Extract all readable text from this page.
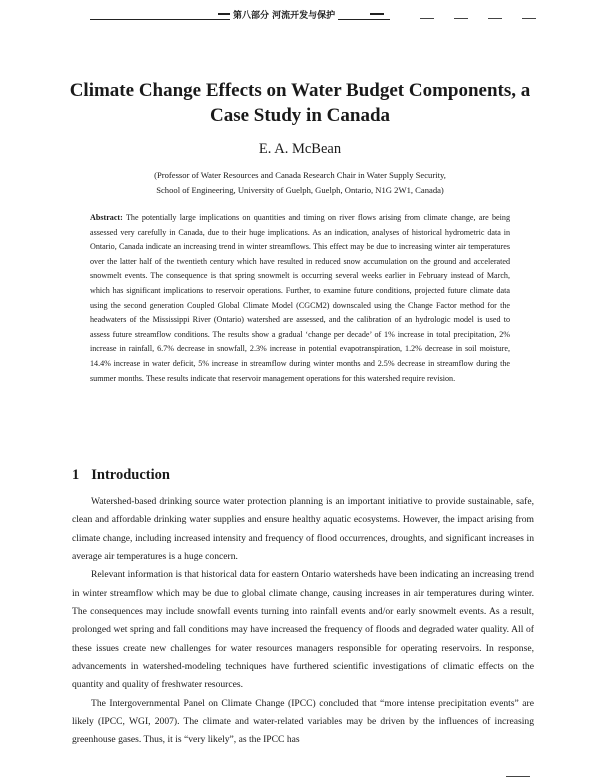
第八部分 河流开发与保护
Climate Change Effects on Water Budget Components, a Case Study in Canada
E. A. McBean
(Professor of Water Resources and Canada Research Chair in Water Supply Security,
School of Engineering, University of Guelph, Guelph, Ontario, N1G 2W1, Canada)
Abstract: The potentially large implications on quantities and timing on river flows arising from climate change, are being assessed very carefully in Canada, due to their huge implications. As an indication, analyses of historical hydrometric data in Ontario, Canada indicate an increasing trend in winter streamflows. This effect may be due to increasing winter air temperatures over the latter half of the twentieth century which have resulted in reduced snow accumulation on the ground and accelerated snowmelt events. The consequence is that spring snowmelt is occurring several weeks earlier in February instead of March, which has significant implications to reservoir operations. Further, to examine future conditions, projected future climate data using the second generation Coupled Global Climate Model (CGCM2) downscaled using the Change Factor method for the headwaters of the Mississippi River (Ontario) watershed are assessed, and the calibration of an hydrologic model is used to assess future streamflow conditions. The results show a gradual ‘change per decade’ of 1% increase in total precipitation, 2% increase in rainfall, 6.7% decrease in snowfall, 2.3% increase in potential evapotranspiration, 1.2% decrease in soil moisture, 14.4% increase in water deficit, 5% increase in streamflow during winter months and 2.5% decrease in streamflow during the summer months. These results indicate that reservoir management operations for this watershed require revision.
1 Introduction

Watershed-based drinking source water protection planning is an important initiative to provide sustainable, safe, clean and affordable drinking water supplies and ensure healthy aquatic ecosystems. However, the impact arising from climate change, including increased intensity and frequency of flood occurrences, droughts, and significant increases in average air temperatures is a huge concern.

Relevant information is that historical data for eastern Ontario watersheds have been indicating an increasing trend in winter streamflow which may be due to global climate change, causing increases in air temperatures during winter. The consequences may include snowfall events turning into rainfall events and/or early snowmelt events. As a result, prolonged wet spring and fall conditions may have increased the frequency of floods and degraded water quality. All of these issues create new challenges for water resources managers responsible for operating reservoirs. In response, advancements in watershed-modeling techniques have furthered scientific investigations of climatic effects on the quantity and quality of freshwater resources.

The Intergovernmental Panel on Climate Change (IPCC) concluded that “more intense precipitation events” are likely (IPCC, WGI, 2007). The climate and water-related variables may be driven by the influences of increasing greenhouse gases. Thus, it is “very likely”, as the IPCC has
